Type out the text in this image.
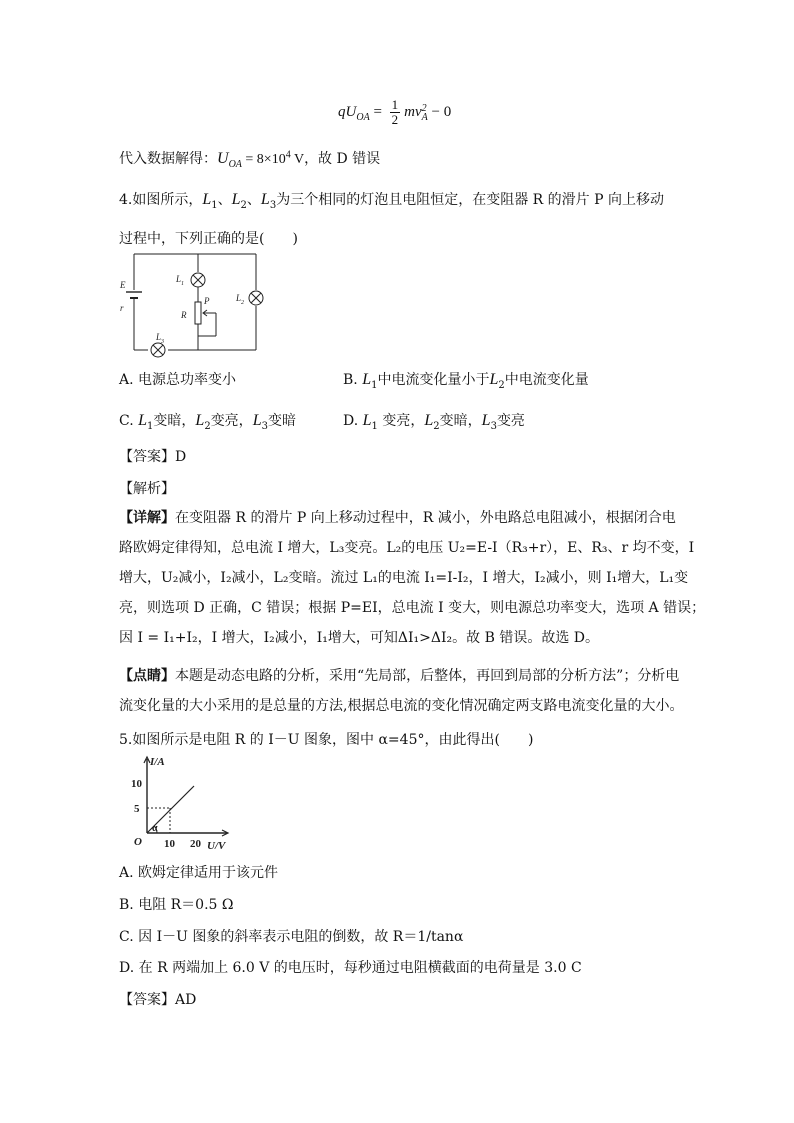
$qU_{OA} = \frac{1}{2}$ mv 2
A − 0
代入数据解得：$U_{OA} = 8\times 10^4$ V，故 D 错误
4.如图所示，$L_1$、$L_2$、$L_3$为三个相同的灯泡且电阻恒定，在变阻器 R 的滑片 P 向上移动
过程中，下列正确的是(　　)
E
r
L 1
L 2
L 3
P
R
A. 电源总功率变小	B. $L_1$中电流变化量小于$L_2$中电流变化量
C. $L_1$变暗，$L_2$变亮，$L_3$变暗	D. $L_1$ 变亮，$L_2$变暗，$L_3$变亮
【答案】D
【解析】
【详解】在变阻器 R 的滑片 P 向上移动过程中，R 减小，外电路总电阻减小，根据闭合电
路欧姆定律得知，总电流 I 增大，L₃变亮。L₂的电压 U₂=E-I（R₃+r），E、R₃、r 均不变，I
增大，U₂减小，I₂减小，L₂变暗。流过 L₁的电流 I₁=I-I₂，I 增大，I₂减小，则 I₁增大，L₁变
亮，则选项 D 正确，C 错误；根据 P=EI，总电流 I 变大，则电源总功率变大，选项 A 错误；
因 I = I₁+I₂，I 增大，I₂减小，I₁增大，可知ΔI₁>ΔI₂。故 B 错误。故选 D。
【点睛】本题是动态电路的分析，采用“先局部，后整体，再回到局部的分析方法”；分析电
流变化量的大小采用的是总量的方法,根据总电流的变化情况确定两支路电流变化量的大小。
5.如图所示是电阻 R 的 I－U 图象，图中 α=45°，由此得出(　　)
I/A
U/V
O
10
5
10 20
α
A. 欧姆定律适用于该元件
B. 电阻 R＝0.5 Ω
C. 因 I－U 图象的斜率表示电阻的倒数，故 R＝1/tanα
D. 在 R 两端加上 6.0 V 的电压时，每秒通过电阻横截面的电荷量是 3.0 C
【答案】AD
